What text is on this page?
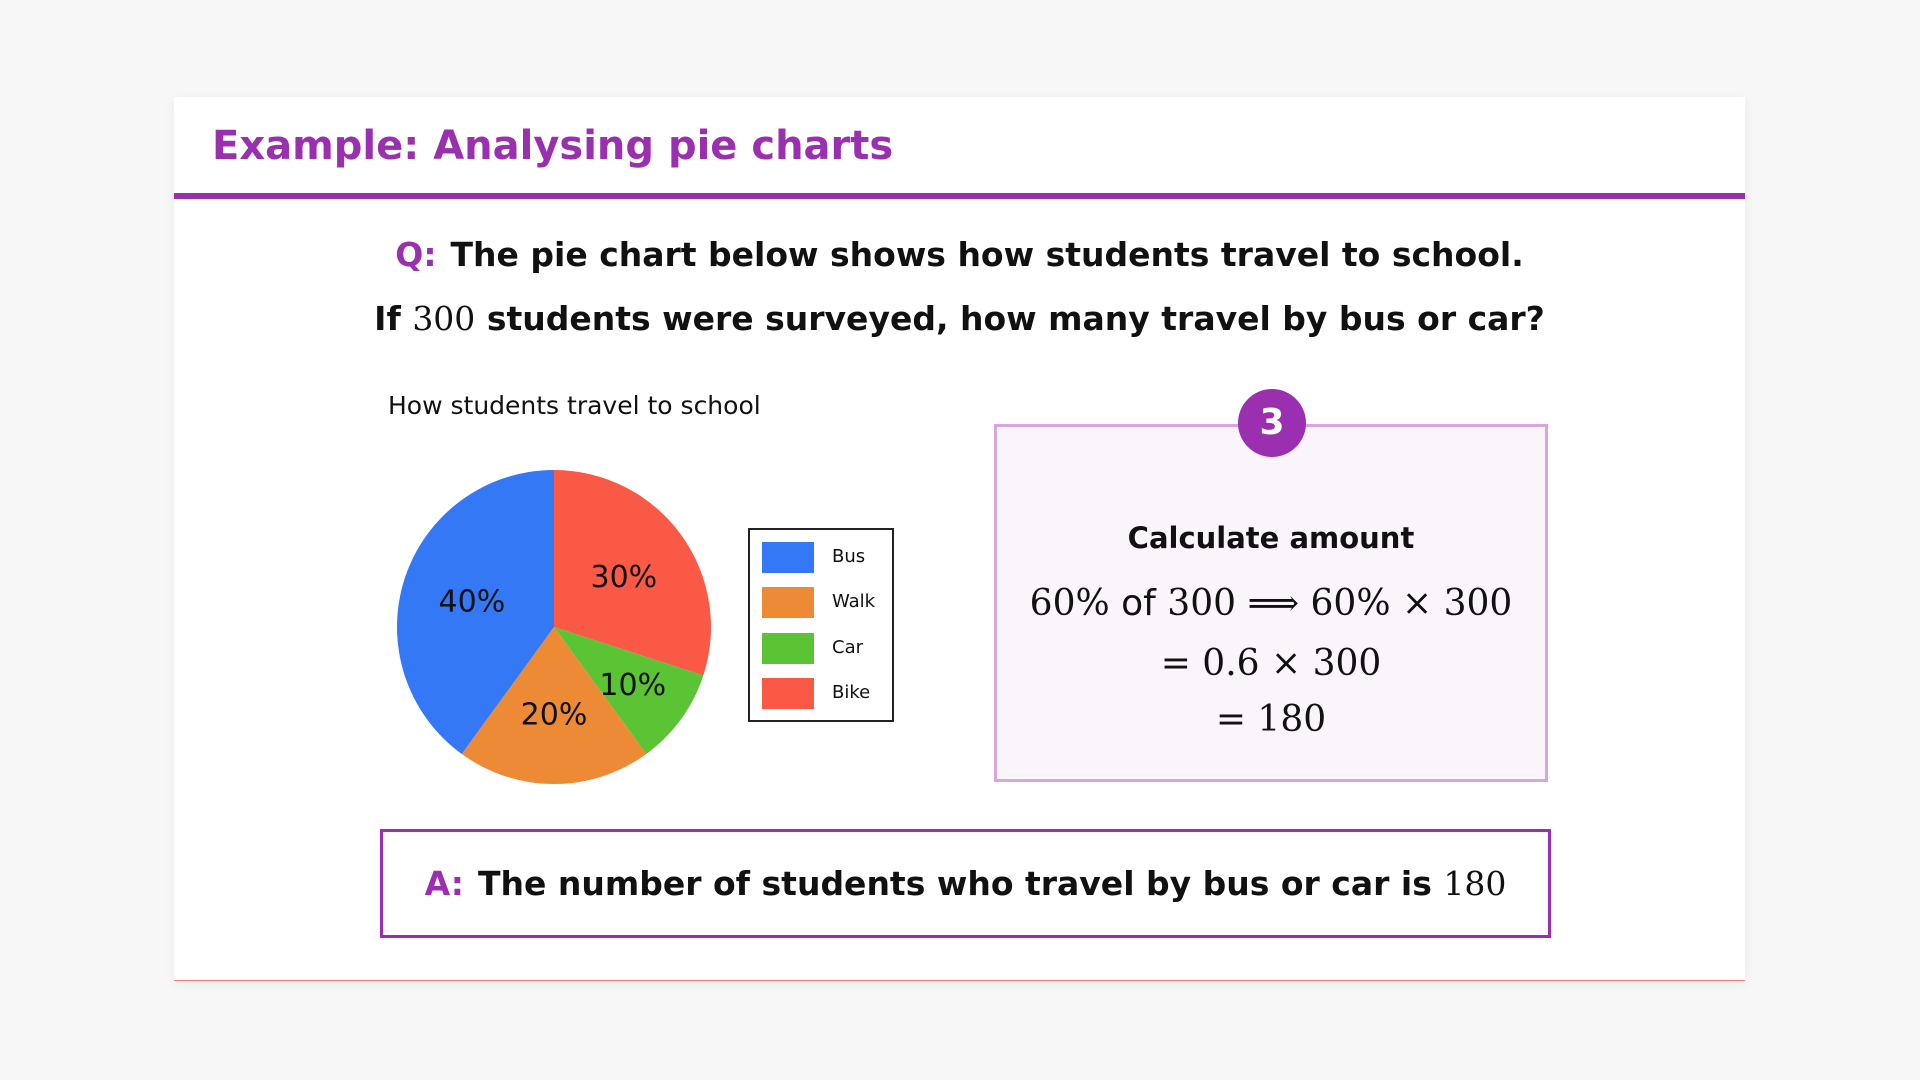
Example: Analysing pie charts
Q: The pie chart below shows how students travel to school.
If 300 students were surveyed, how many travel by bus or car?
How students travel to school
30%
10%
20%
40%
Bus
Walk
Car
Bike
3
Calculate amount
60% of 300 ⟹ 60% × 300
= 0.6 × 300
= 180
A: The number of students who travel by bus or car is 180
